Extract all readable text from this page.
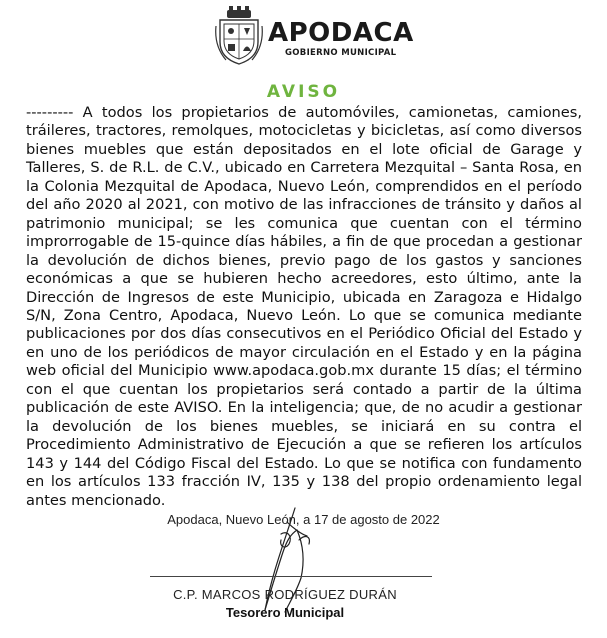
APODACA
GOBIERNO MUNICIPAL
AVISO

--------- A todos los propietarios de automóviles, camionetas, camiones, tráileres, tractores, remolques, motocicletas y bicicletas, así como diversos bienes muebles que están depositados en el lote oficial de Garage y Talleres, S. de R.L. de C.V., ubicado en Carretera Mezquital – Santa Rosa, en la Colonia Mezquital de Apodaca, Nuevo León, comprendidos en el período del año 2020 al 2021, con motivo de las infracciones de tránsito y daños al patrimonio municipal; se les comunica que cuentan con el término improrrogable de 15-quince días hábiles, a fin de que procedan a gestionar la devolución de dichos bienes, previo pago de los gastos y sanciones económicas a que se hubieren hecho acreedores, esto último, ante la Dirección de Ingresos de este Municipio, ubicada en Zaragoza e Hidalgo S/N, Zona Centro, Apodaca, Nuevo León. Lo que se comunica mediante publicaciones por dos días consecutivos en el Periódico Oficial del Estado y en uno de los periódicos de mayor circulación en el Estado y en la página web oficial del Municipio www.apodaca.gob.mx durante 15 días; el término con el que cuentan los propietarios será contado a partir de la última publicación de este AVISO. En la inteligencia; que, de no acudir a gestionar la devolución de los bienes muebles, se iniciará en su contra el Procedimiento Administrativo de Ejecución a que se refieren los artículos 143 y 144 del Código Fiscal del Estado. Lo que se notifica con fundamento en los artículos 133 fracción IV, 135 y 138 del propio ordenamiento legal antes mencionado.

Apodaca, Nuevo León, a 17 de agosto de 2022
C.P. MARCOS RODRÍGUEZ DURÁN
Tesorero Municipal
